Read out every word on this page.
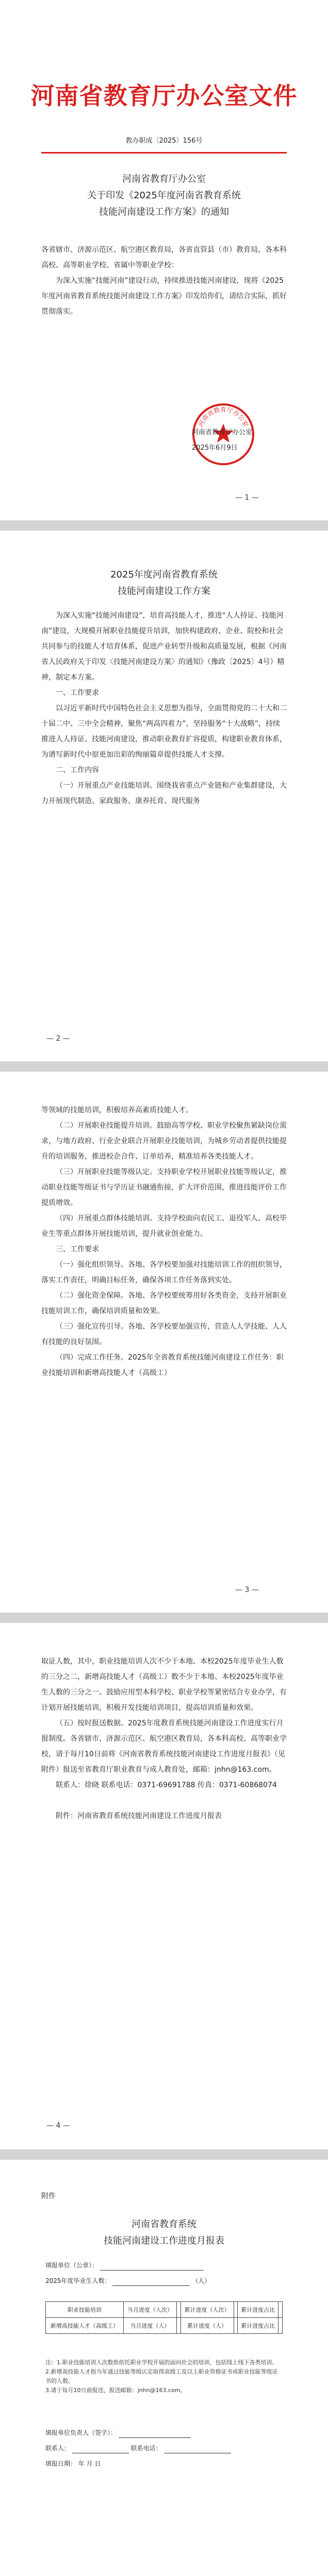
河南省教育厅办公室文件
教办职成〔2025〕156号
河南省教育厅办公室
关于印发《2025年度河南省教育系统
技能河南建设工作方案》的通知

各省辖市、济源示范区、航空港区教育局，各省直管县（市）教育局，各本科高校、高等职业学校、省属中等职业学校：

为深入实施“技能河南”建设行动，持续推进技能河南建设，现将《2025年度河南省教育系统技能河南建设工作方案》印发给你们，请结合实际，抓好贯彻落实。

河南省教育厅办公室
河南省教育厅办公室
2025年6月9日
— 1 —
2025年度河南省教育系统
技能河南建设工作方案

为深入实施“技能河南建设”，培育高技能人才，推进“人人持证、技能河南”建设，大规模开展职业技能提升培训，加快构建政府、企业、院校和社会共同参与的技能人才培育体系，促进产业转型升级和高质量发展，根据《河南省人民政府关于印发〈技能河南建设方案〉的通知》（豫政〔2025〕4号）精神，制定本方案。

一、工作要求

以习近平新时代中国特色社会主义思想为指导，全面贯彻党的二十大和二十届二中、三中全会精神，聚焦“两高四着力”，坚持服务“十大战略”，持续推进人人持证、技能河南建设，推动职业教育扩容提质，构建职业教育体系，为谱写新时代中原更加出彩的绚丽篇章提供技能人才支撑。

二、工作内容

（一）开展重点产业技能培训。围绕我省重点产业链和产业集群建设，大力开展现代制造、家政服务、康养托育、现代服务

— 2 —

等领域的技能培训，积极培养高素质技能人才。

（二）开展职业技能提升培训。鼓励高等学校、职业学校聚焦紧缺岗位需求，与地方政府、行业企业联合开展职业技能培训，为城乡劳动者提供技能提升的培训服务，推进校企合作、订单培养，精准培养各类技能人才。

（三）开展职业技能等级认定。支持职业学校开展职业技能等级认定，推动职业技能等级证书与学历证书融通衔接，扩大评价范围，推进技能评价工作提质增效。

（四）开展重点群体技能培训。支持学校面向农民工、退役军人、高校毕业生等重点群体开展技能培训，提升就业创业能力。

三、工作要求

（一）强化组织领导。各地、各学校要加强对技能培训工作的组织领导，落实工作责任，明确目标任务，确保各项工作任务落到实处。

（二）强化资金保障。各地、各学校要统筹用好各类资金，支持开展职业技能培训工作，确保培训质量和效果。

（三）强化宣传引导。各地、各学校要加强宣传，营造人人学技能、人人有技能的良好氛围。

（四）完成工作任务。2025年全省教育系统技能河南建设工作任务：职业技能培训和新增高技能人才（高级工）

— 3 —

取证人数，其中，职业技能培训人次不少于本地、本校2025年度毕业生人数的三分之二，新增高技能人才（高级工）数不少于本地、本校2025年度毕业生人数的三分之一。鼓励应用型本科学校、职业学校等紧密结合专业办学，有计划开展技能培训，积极开发技能培训项目，提高培训质量和效果。

（五）按时报送数据。2025年度教育系统技能河南建设工作进度实行月报制度。各省辖市、济源示范区、航空港区教育局，各本科高校、高等职业学校，请于每月10日前将《河南省教育系统技能河南建设工作进度月报表》（见附件）报送至省教育厅职业教育与成人教育处，邮箱：jnhn@163.com。

联系人：徐晓 联系电话：0371-69691788 传真：0371-60868074

附件：河南省教育系统技能河南建设工作进度月报表

— 4 —
附件
河南省教育系统
技能河南建设工作进度月报表
填报单位（公章）：
2025年度毕业生人数：	（人）
职业技能培训	当月进度（人次）		累计进度（人次）		累计进度占比	
新增高技能人才（高级工）	当月进度（人）		累计进度（人）		累计进度占比	
注：1.职业技能培训人次数指依托职业学校开展的面向社会的培训，包括线上线下各类培训。
2.新增高技能人才指当年通过技能等级认定取得高级工及以上职业资格证书或职业技能等级证书的人数。
3.请于每月10日前报送，报送邮箱：jnhn@163.com。
填报单位负责人（签字）：
联系人：	联系电话：
填报日期： 年 月 日
